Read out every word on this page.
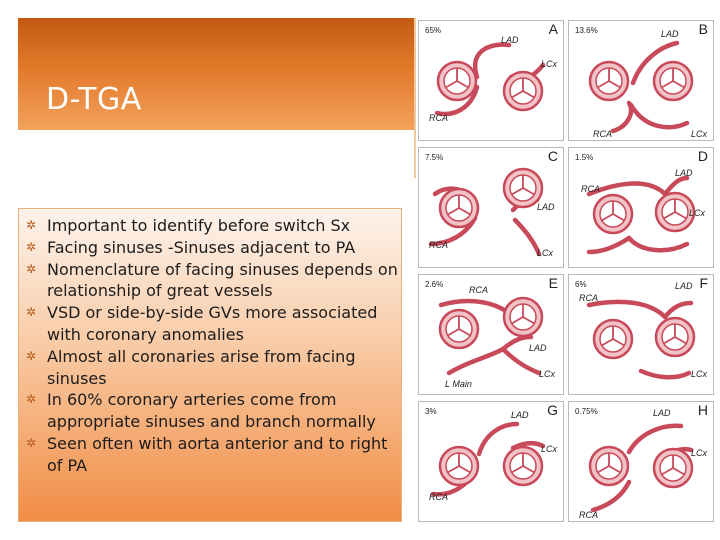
D-TGA
✲ Important to identify before switch Sx
✲ Facing sinuses -Sinuses adjacent to PA
✲ Nomenclature of facing sinuses depends on relationship of great vessels
✲ VSD or side-by-side GVs more associated with coronary anomalies
✲ Almost all coronaries arise from facing sinuses
✲ In 60% coronary arteries come from appropriate sinuses and branch normally
✲ Seen often with aorta anterior and to right of PA
65%	A
LAD
LCx
RCA
13.6%	B
LAD
RCA	LCx
7.5%	C
LAD
RCA
LCx
1.5%	D
LAD
RCA
LCx
2.6%	E
RCA
LAD
LCx
L Main
6%	F
LAD
RCA
LCx
3%	G
LAD
LCx
RCA
0.75%	H
LAD
LCx
RCA
